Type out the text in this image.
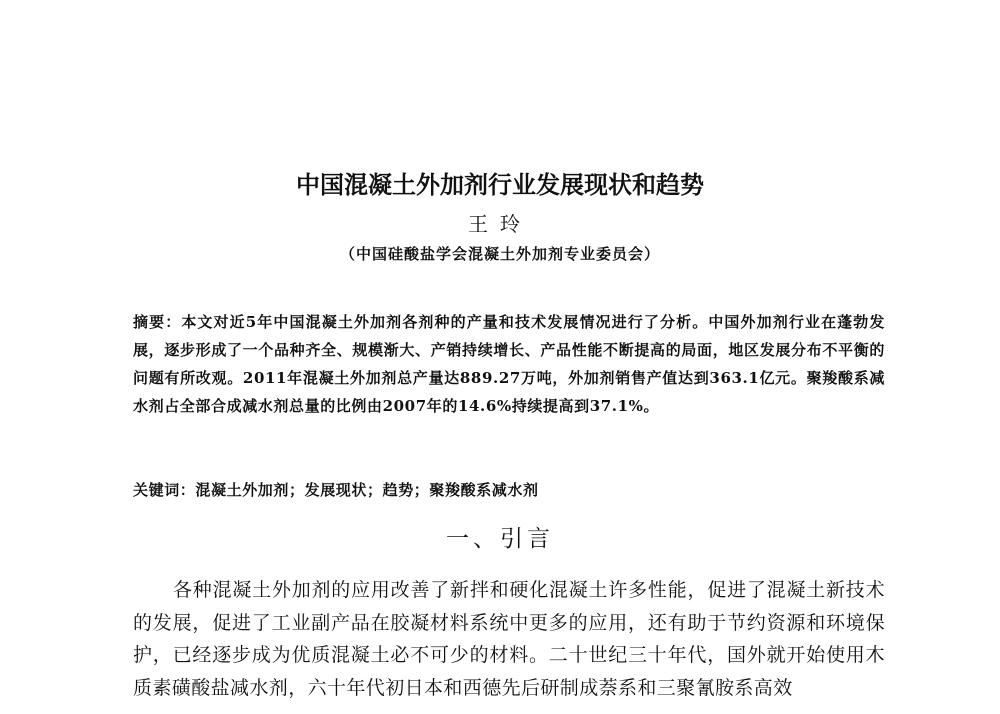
中国混凝土外加剂行业发展现状和趋势

王玲

（中国硅酸盐学会混凝土外加剂专业委员会）

摘要：本文对近5年中国混凝土外加剂各剂种的产量和技术发展情况进行了分析。中国外加剂行业在蓬勃发展，逐步形成了一个品种齐全、规模渐大、产销持续增长、产品性能不断提高的局面，地区发展分布不平衡的问题有所改观。2011年混凝土外加剂总产量达889.27万吨，外加剂销售产值达到363.1亿元。聚羧酸系减水剂占全部合成减水剂总量的比例由2007年的14.6%持续提高到37.1%。

关键词：混凝土外加剂；发展现状；趋势；聚羧酸系减水剂

一、引言

各种混凝土外加剂的应用改善了新拌和硬化混凝土许多性能，促进了混凝土新技术的发展，促进了工业副产品在胶凝材料系统中更多的应用，还有助于节约资源和环境保护，已经逐步成为优质混凝土必不可少的材料。二十世纪三十年代，国外就开始使用木质素磺酸盐减水剂，六十年代初日本和西德先后研制成萘系和三聚氰胺系高效
